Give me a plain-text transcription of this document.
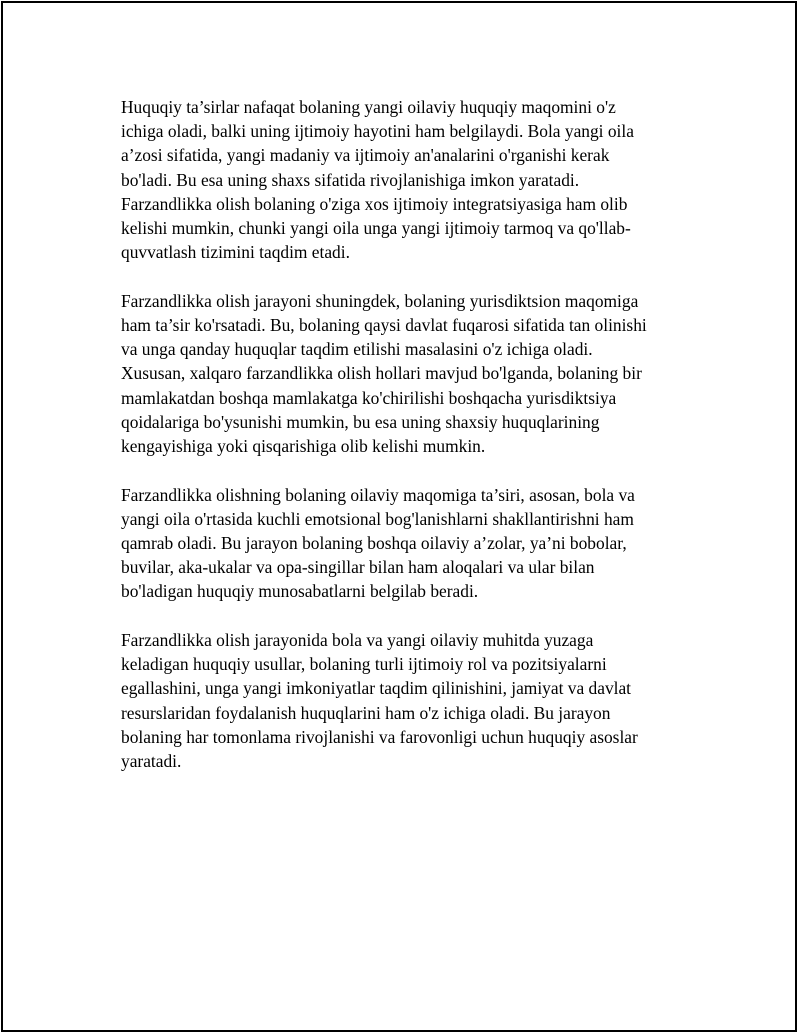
Huquqiy ta’sirlar nafaqat bolaning yangi oilaviy huquqiy maqomini o'z
ichiga oladi, balki uning ijtimoiy hayotini ham belgilaydi. Bola yangi oila
a’zosi sifatida, yangi madaniy va ijtimoiy an'analarini o'rganishi kerak
bo'ladi. Bu esa uning shaxs sifatida rivojlanishiga imkon yaratadi.
Farzandlikka olish bolaning o'ziga xos ijtimoiy integratsiyasiga ham olib
kelishi mumkin, chunki yangi oila unga yangi ijtimoiy tarmoq va qo'llab-
quvvatlash tizimini taqdim etadi.

Farzandlikka olish jarayoni shuningdek, bolaning yurisdiktsion maqomiga
ham ta’sir ko'rsatadi. Bu, bolaning qaysi davlat fuqarosi sifatida tan olinishi
va unga qanday huquqlar taqdim etilishi masalasini o'z ichiga oladi.
Xususan, xalqaro farzandlikka olish hollari mavjud bo'lganda, bolaning bir
mamlakatdan boshqa mamlakatga ko'chirilishi boshqacha yurisdiktsiya
qoidalariga bo'ysunishi mumkin, bu esa uning shaxsiy huquqlarining
kengayishiga yoki qisqarishiga olib kelishi mumkin.

Farzandlikka olishning bolaning oilaviy maqomiga ta’siri, asosan, bola va
yangi oila o'rtasida kuchli emotsional bog'lanishlarni shakllantirishni ham
qamrab oladi. Bu jarayon bolaning boshqa oilaviy a’zolar, ya’ni bobolar,
buvilar, aka-ukalar va opa-singillar bilan ham aloqalari va ular bilan
bo'ladigan huquqiy munosabatlarni belgilab beradi.

Farzandlikka olish jarayonida bola va yangi oilaviy muhitda yuzaga
keladigan huquqiy usullar, bolaning turli ijtimoiy rol va pozitsiyalarni
egallashini, unga yangi imkoniyatlar taqdim qilinishini, jamiyat va davlat
resurslaridan foydalanish huquqlarini ham o'z ichiga oladi. Bu jarayon
bolaning har tomonlama rivojlanishi va farovonligi uchun huquqiy asoslar
yaratadi.
